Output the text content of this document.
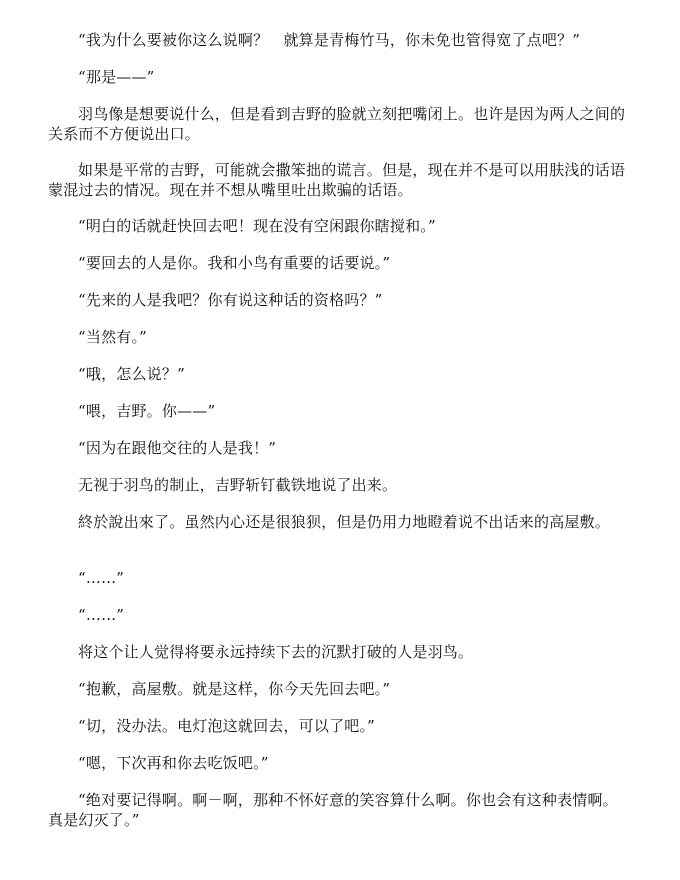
“我为什么要被你这么说啊？　就算是青梅竹马，你未免也管得宽了点吧？”

“那是——”

羽鸟像是想要说什么，但是看到吉野的脸就立刻把嘴闭上。也许是因为两人之间的关系而不方便说出口。

如果是平常的吉野，可能就会撒笨拙的谎言。但是，现在并不是可以用肤浅的话语蒙混过去的情况。现在并不想从嘴里吐出欺骗的话语。

“明白的话就赶快回去吧！现在没有空闲跟你瞎搅和。”

“要回去的人是你。我和小鸟有重要的话要说。”

“先来的人是我吧？你有说这种话的资格吗？”

“当然有。”

“哦，怎么说？”

“喂，吉野。你——”

“因为在跟他交往的人是我！”

无视于羽鸟的制止，吉野斩钉截铁地说了出来。

終於說出來了。虽然内心还是很狼狈，但是仍用力地瞪着说不出话来的高屋敷。

“……”

“……”

将这个让人觉得将要永远持续下去的沉默打破的人是羽鸟。

“抱歉，高屋敷。就是这样，你今天先回去吧。”

“切，没办法。电灯泡这就回去，可以了吧。”

“嗯，下次再和你去吃饭吧。”

“绝对要记得啊。啊－啊，那种不怀好意的笑容算什么啊。你也会有这种表情啊。真是幻灭了。”
